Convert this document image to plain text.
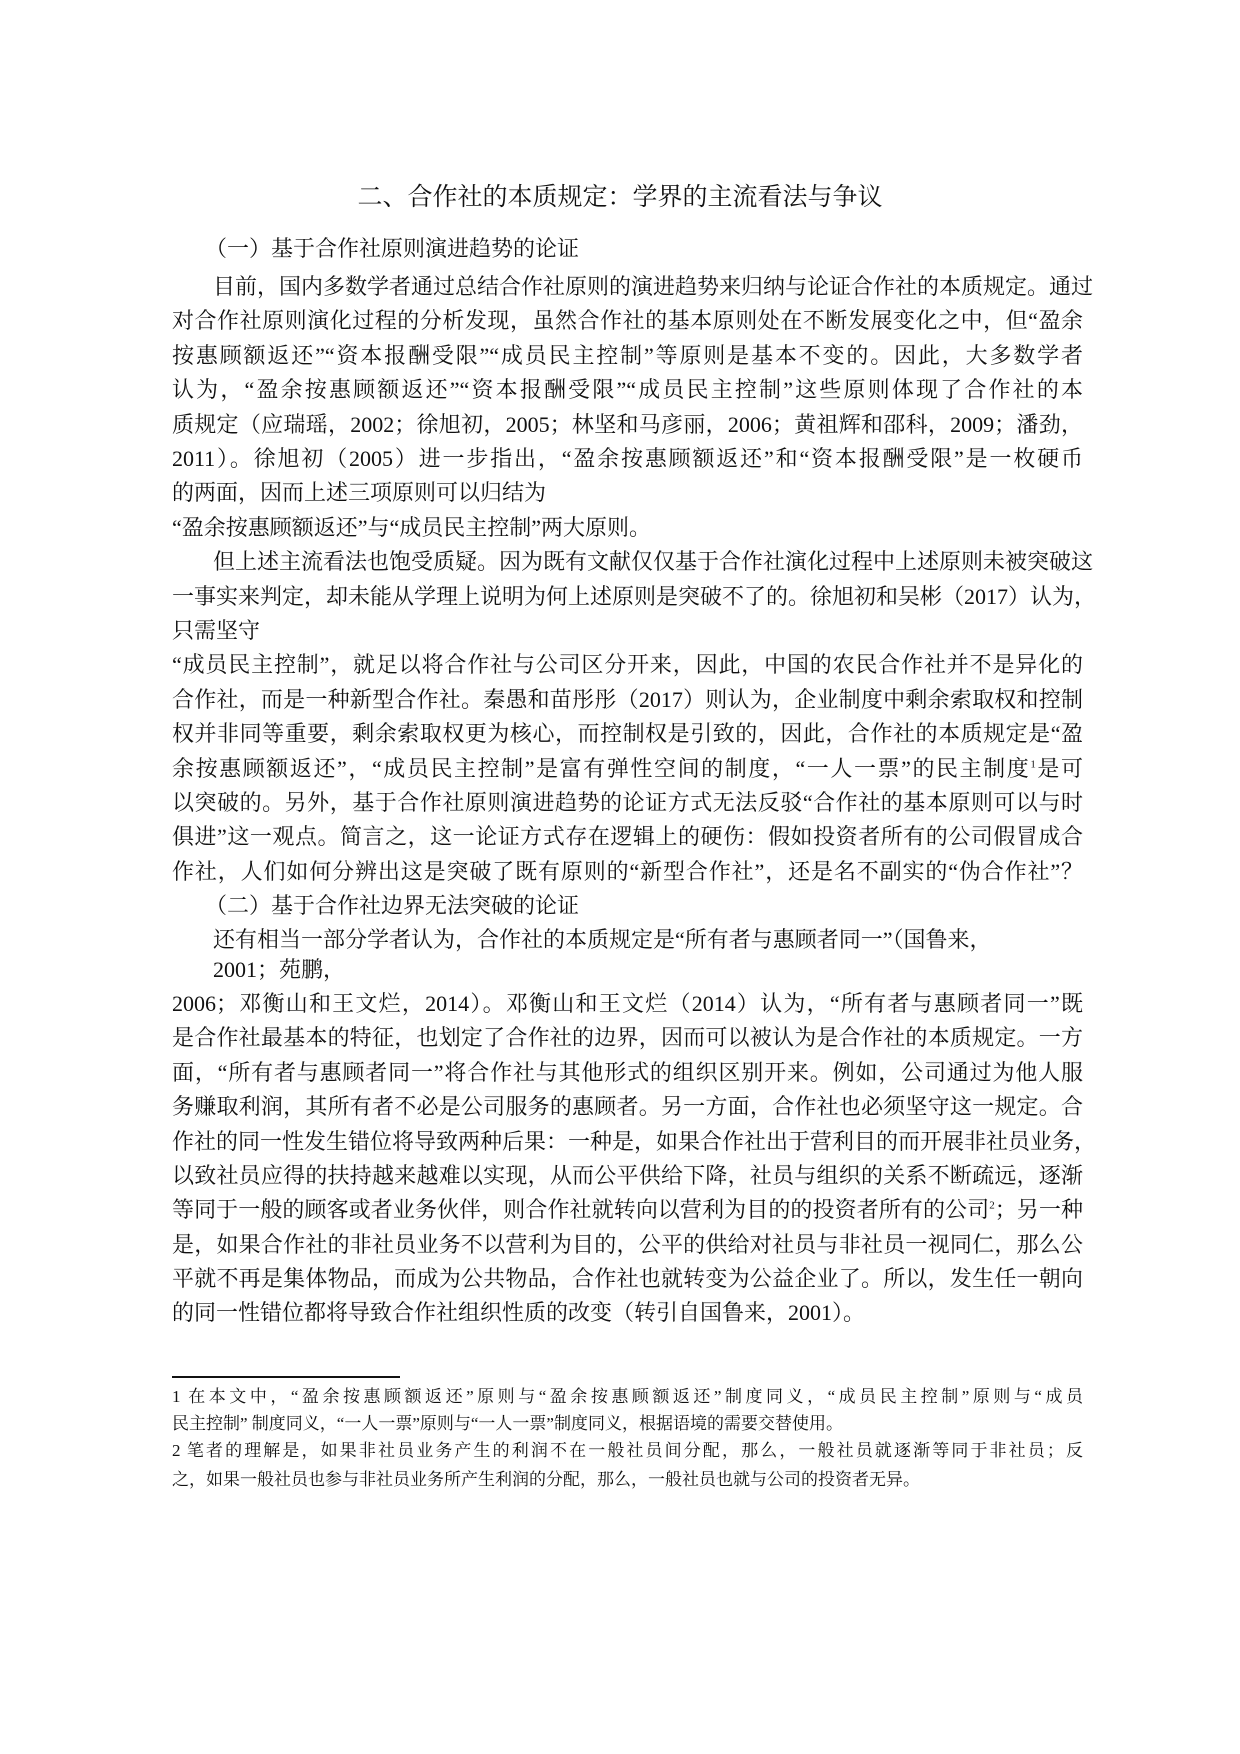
二、合作社的本质规定：学界的主流看法与争议
（一）基于合作社原则演进趋势的论证
目前，国内多数学者通过总结合作社原则的演进趋势来归纳与论证合作社的本质规定。通过
对合作社原则演化过程的分析发现，虽然合作社的基本原则处在不断发展变化之中，但“盈余
按惠顾额返还”“资本报酬受限”“成员民主控制”等原则是基本不变的。因此，大多数学者
认为，“盈余按惠顾额返还”“资本报酬受限”“成员民主控制”这些原则体现了合作社的本
质规定（应瑞瑶，2002；徐旭初，2005；林坚和马彦丽，2006；黄祖辉和邵科，2009；潘劲，
2011）。徐旭初（2005）进一步指出，“盈余按惠顾额返还”和“资本报酬受限”是一枚硬币
的两面，因而上述三项原则可以归结为
“盈余按惠顾额返还”与“成员民主控制”两大原则。
但上述主流看法也饱受质疑。因为既有文献仅仅基于合作社演化过程中上述原则未被突破这
一事实来判定，却未能从学理上说明为何上述原则是突破不了的。徐旭初和吴彬（2017）认为，
只需坚守
“成员民主控制”，就足以将合作社与公司区分开来，因此，中国的农民合作社并不是异化的
合作社，而是一种新型合作社。秦愚和苗彤彤（2017）则认为，企业制度中剩余索取权和控制
权并非同等重要，剩余索取权更为核心，而控制权是引致的，因此，合作社的本质规定是“盈
余按惠顾额返还”，“成员民主控制”是富有弹性空间的制度，“一人一票”的民主制度$^1$是可
以突破的。另外，基于合作社原则演进趋势的论证方式无法反驳“合作社的基本原则可以与时
俱进”这一观点。简言之，这一论证方式存在逻辑上的硬伤：假如投资者所有的公司假冒成合
作社，人们如何分辨出这是突破了既有原则的“新型合作社”，还是名不副实的“伪合作社”？
（二）基于合作社边界无法突破的论证
还有相当一部分学者认为，合作社的本质规定是“所有者与惠顾者同一”（国鲁来，
2001；苑鹏，
2006；邓衡山和王文烂，2014）。邓衡山和王文烂（2014）认为，“所有者与惠顾者同一”既
是合作社最基本的特征，也划定了合作社的边界，因而可以被认为是合作社的本质规定。一方
面，“所有者与惠顾者同一”将合作社与其他形式的组织区别开来。例如，公司通过为他人服
务赚取利润，其所有者不必是公司服务的惠顾者。另一方面，合作社也必须坚守这一规定。合
作社的同一性发生错位将导致两种后果：一种是，如果合作社出于营利目的而开展非社员业务，
以致社员应得的扶持越来越难以实现，从而公平供给下降，社员与组织的关系不断疏远，逐渐
等同于一般的顾客或者业务伙伴，则合作社就转向以营利为目的的投资者所有的公司$^2$；另一种
是，如果合作社的非社员业务不以营利为目的，公平的供给对社员与非社员一视同仁，那么公
平就不再是集体物品，而成为公共物品，合作社也就转变为公益企业了。所以，发生任一朝向
的同一性错位都将导致合作社组织性质的改变（转引自国鲁来，2001）。
1 在本文中，“盈余按惠顾额返还”原则与“盈余按惠顾额返还”制度同义，“成员民主控制”原则与“成员
民主控制” 制度同义，“一人一票”原则与“一人一票”制度同义，根据语境的需要交替使用。
2 笔者的理解是，如果非社员业务产生的利润不在一般社员间分配，那么，一般社员就逐渐等同于非社员；反
之，如果一般社员也参与非社员业务所产生利润的分配，那么，一般社员也就与公司的投资者无异。
